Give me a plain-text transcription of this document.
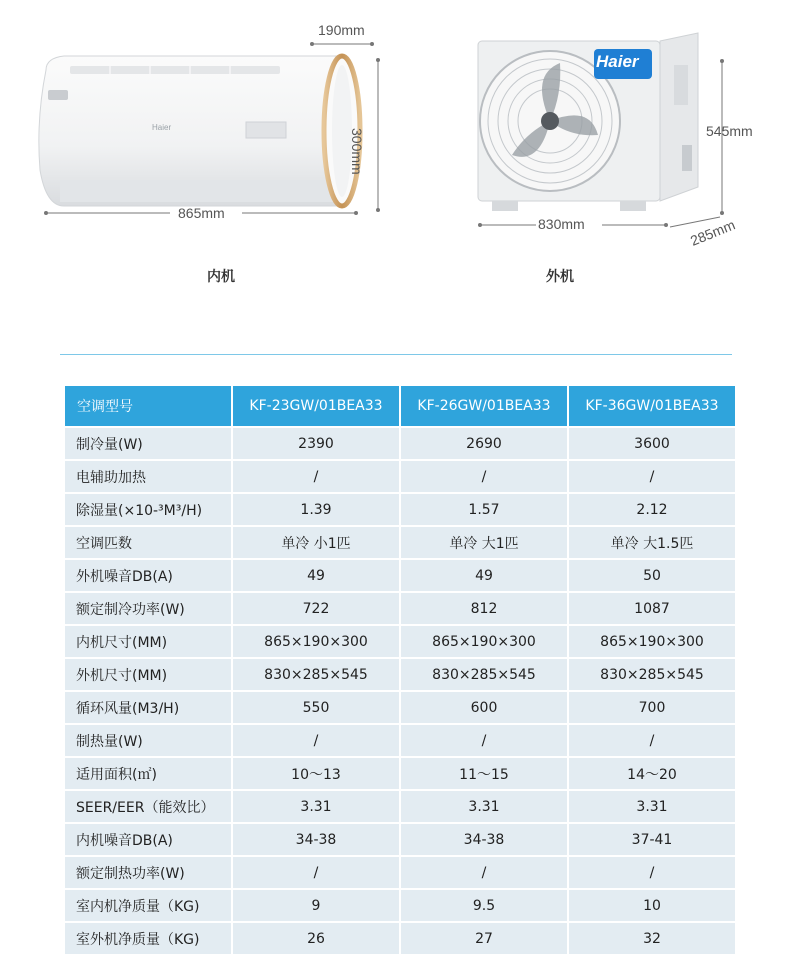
Haier
190mm
300mm
865mm
内机
Haier
545mm
830mm	285mm
外机
空调型号	KF-23GW/01BEA33	KF-26GW/01BEA33	KF-36GW/01BEA33
制冷量(W)	2390	2690	3600
电辅助加热	/	/	/
除湿量(×10-³M³/H)	1.39	1.57	2.12
空调匹数	单冷 小1匹	单冷 大1匹	单冷 大1.5匹
外机噪音DB(A)	49	49	50
额定制冷功率(W)	722	812	1087
内机尺寸(MM)	865×190×300	865×190×300	865×190×300
外机尺寸(MM)	830×285×545	830×285×545	830×285×545
循环风量(M3/H)	550	600	700
制热量(W)	/	/	/
适用面积(㎡)	10～13	11～15	14～20
SEER/EER（能效比）	3.31	3.31	3.31
内机噪音DB(A)	34-38	34-38	37-41
额定制热功率(W)	/	/	/
室内机净质量（KG)	9	9.5	10
室外机净质量（KG)	26	27	32
